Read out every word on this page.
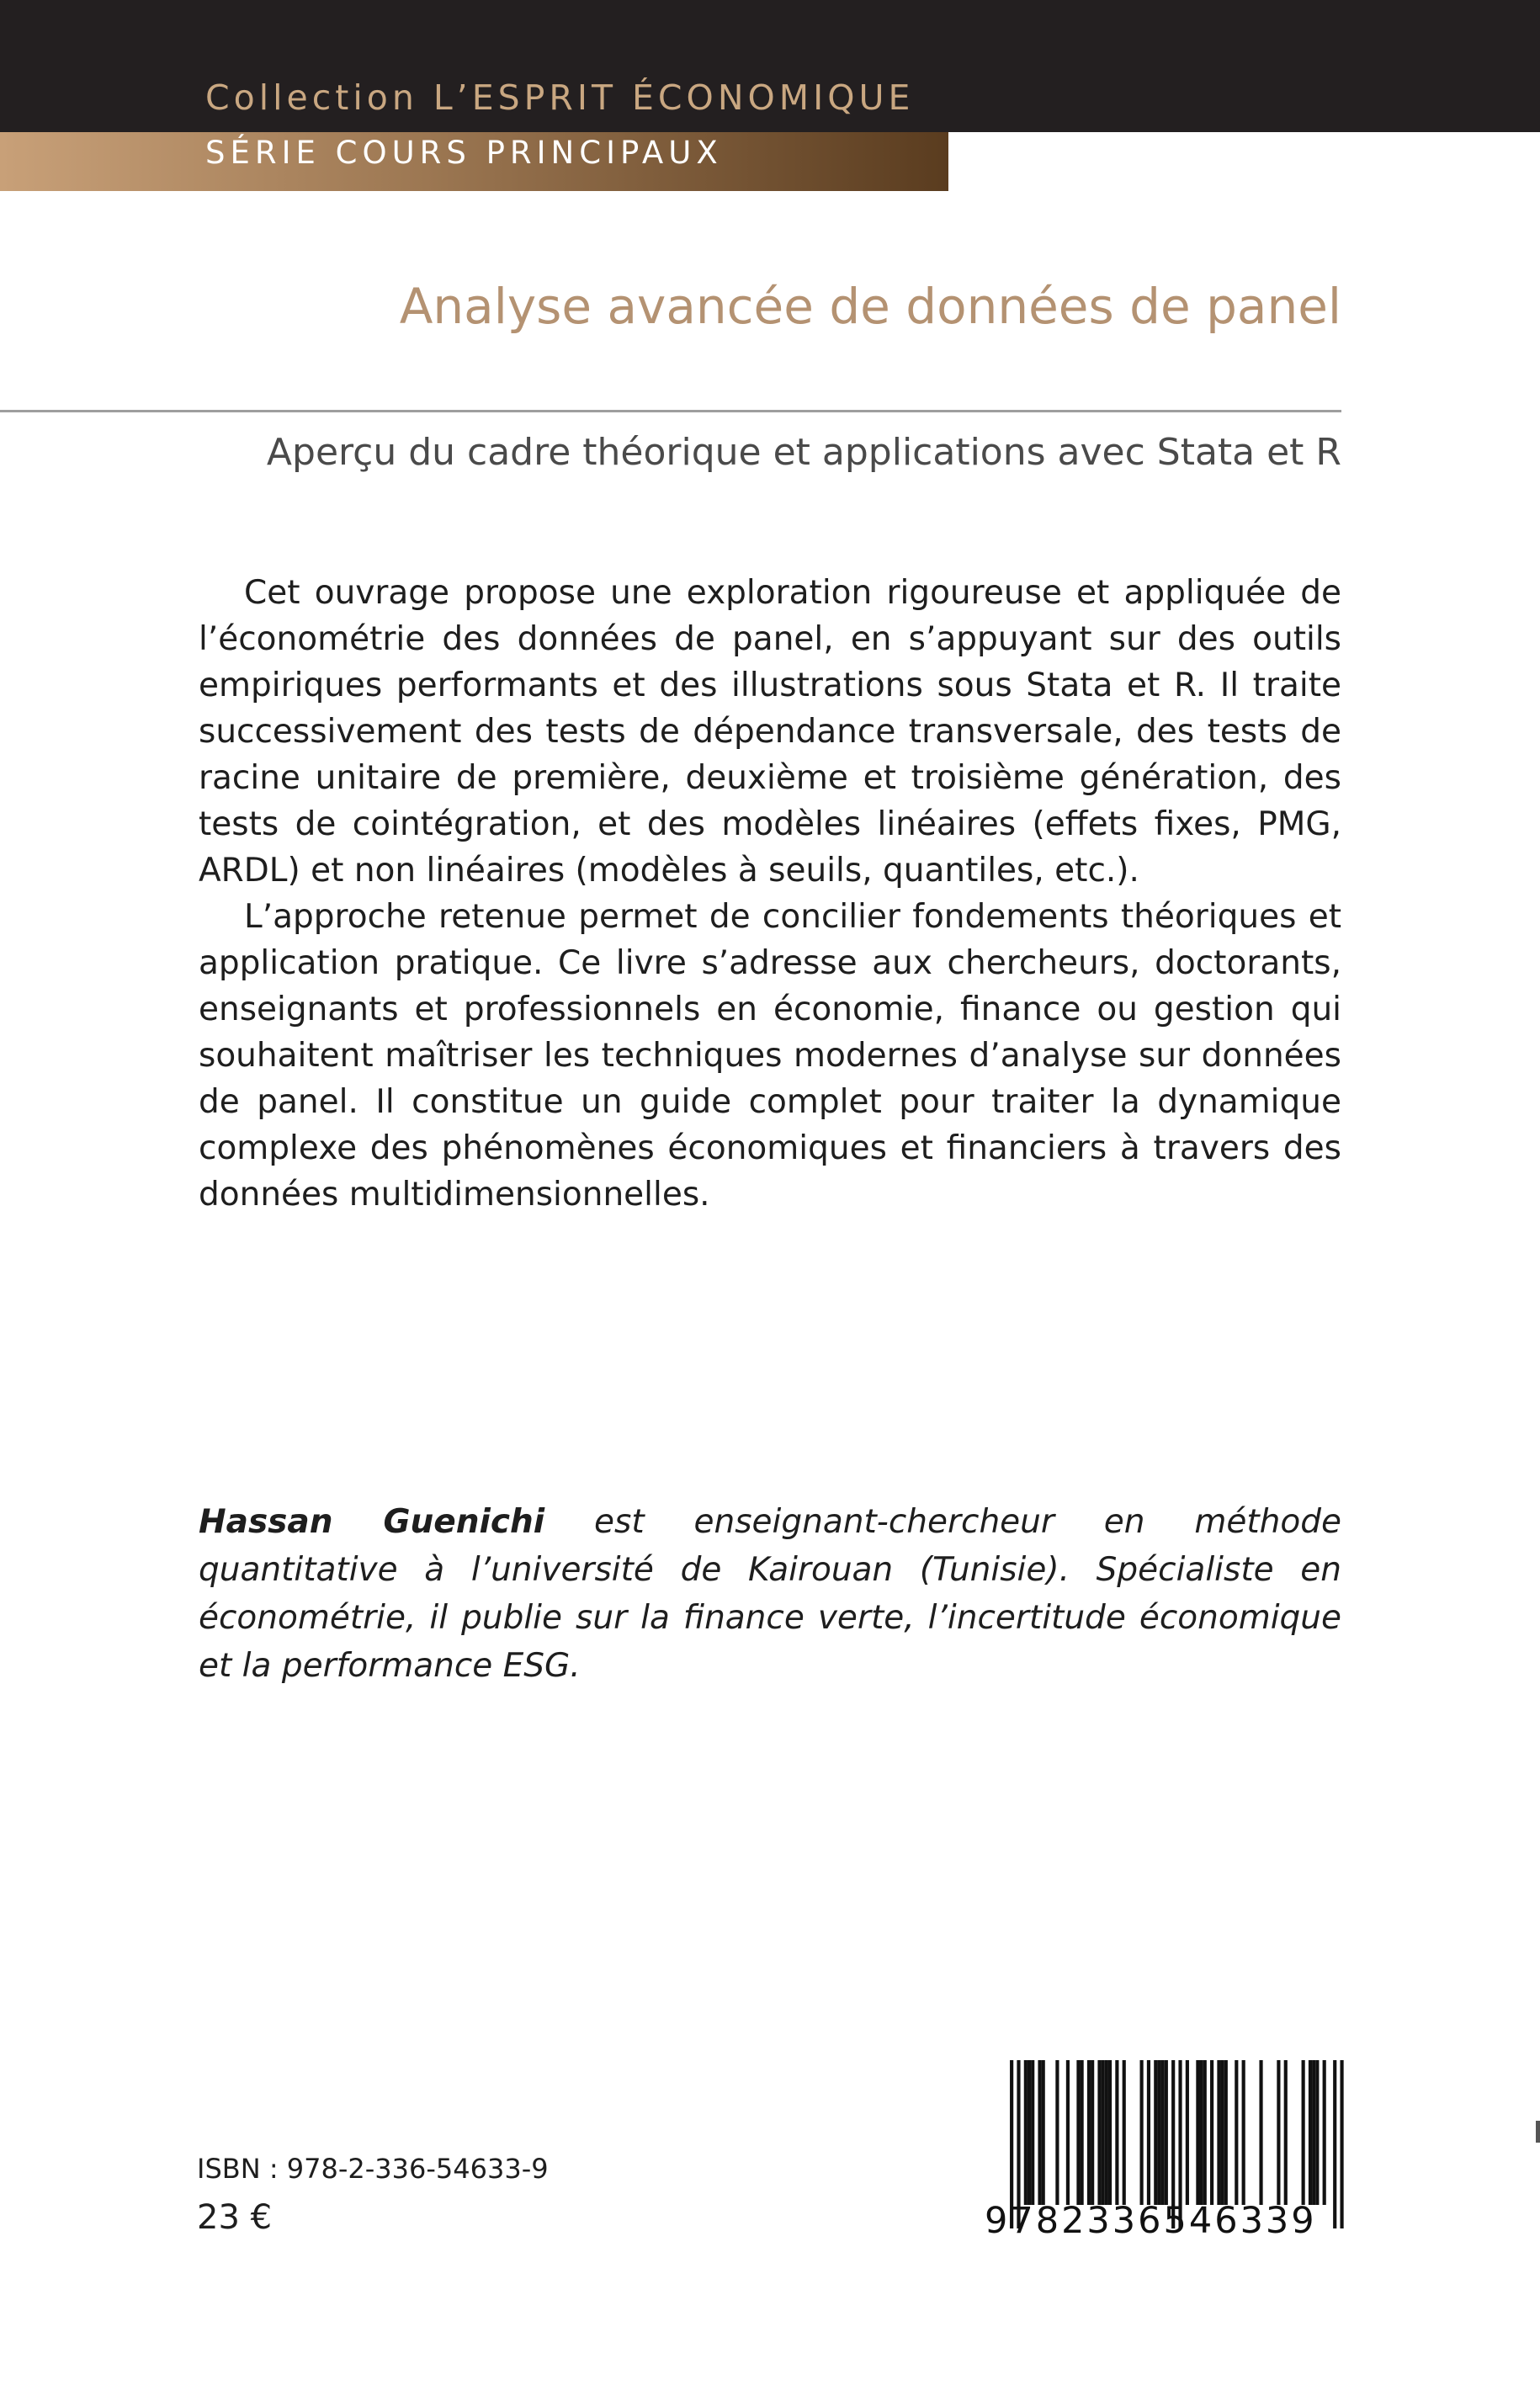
Collection L’ESPRIT ÉCONOMIQUE
SÉRIE COURS PRINCIPAUX
Analyse avancée de données de panel
Aperçu du cadre théorique et applications avec Stata et R

Cet ouvrage propose une exploration rigoureuse et appliquée de l’économétrie des données de panel, en s’appuyant sur des outils empiriques performants et des illustrations sous Stata et R. Il traite successivement des tests de dépendance transversale, des tests de racine unitaire de première, deuxième et troisième génération, des tests de cointégration, et des modèles linéaires (effets fixes, PMG, ARDL) et non linéaires (modèles à seuils, quantiles, etc.).

L’approche retenue permet de concilier fondements théoriques et application pratique. Ce livre s’adresse aux chercheurs, doctorants, enseignants et professionnels en économie, finance ou gestion qui souhaitent maîtriser les techniques modernes d’analyse sur données de panel. Il constitue un guide complet pour traiter la dynamique complexe des phénomènes économiques et financiers à travers des données multidimensionnelles.

Hassan Guenichi est enseignant-chercheur en méthode quantitative à l’université de Kairouan (Tunisie). Spécialiste en économétrie, il publie sur la finance verte, l’incertitude économique et la performance ESG.
ISBN : 978-2-336-54633-9
23 €	9782336546339
